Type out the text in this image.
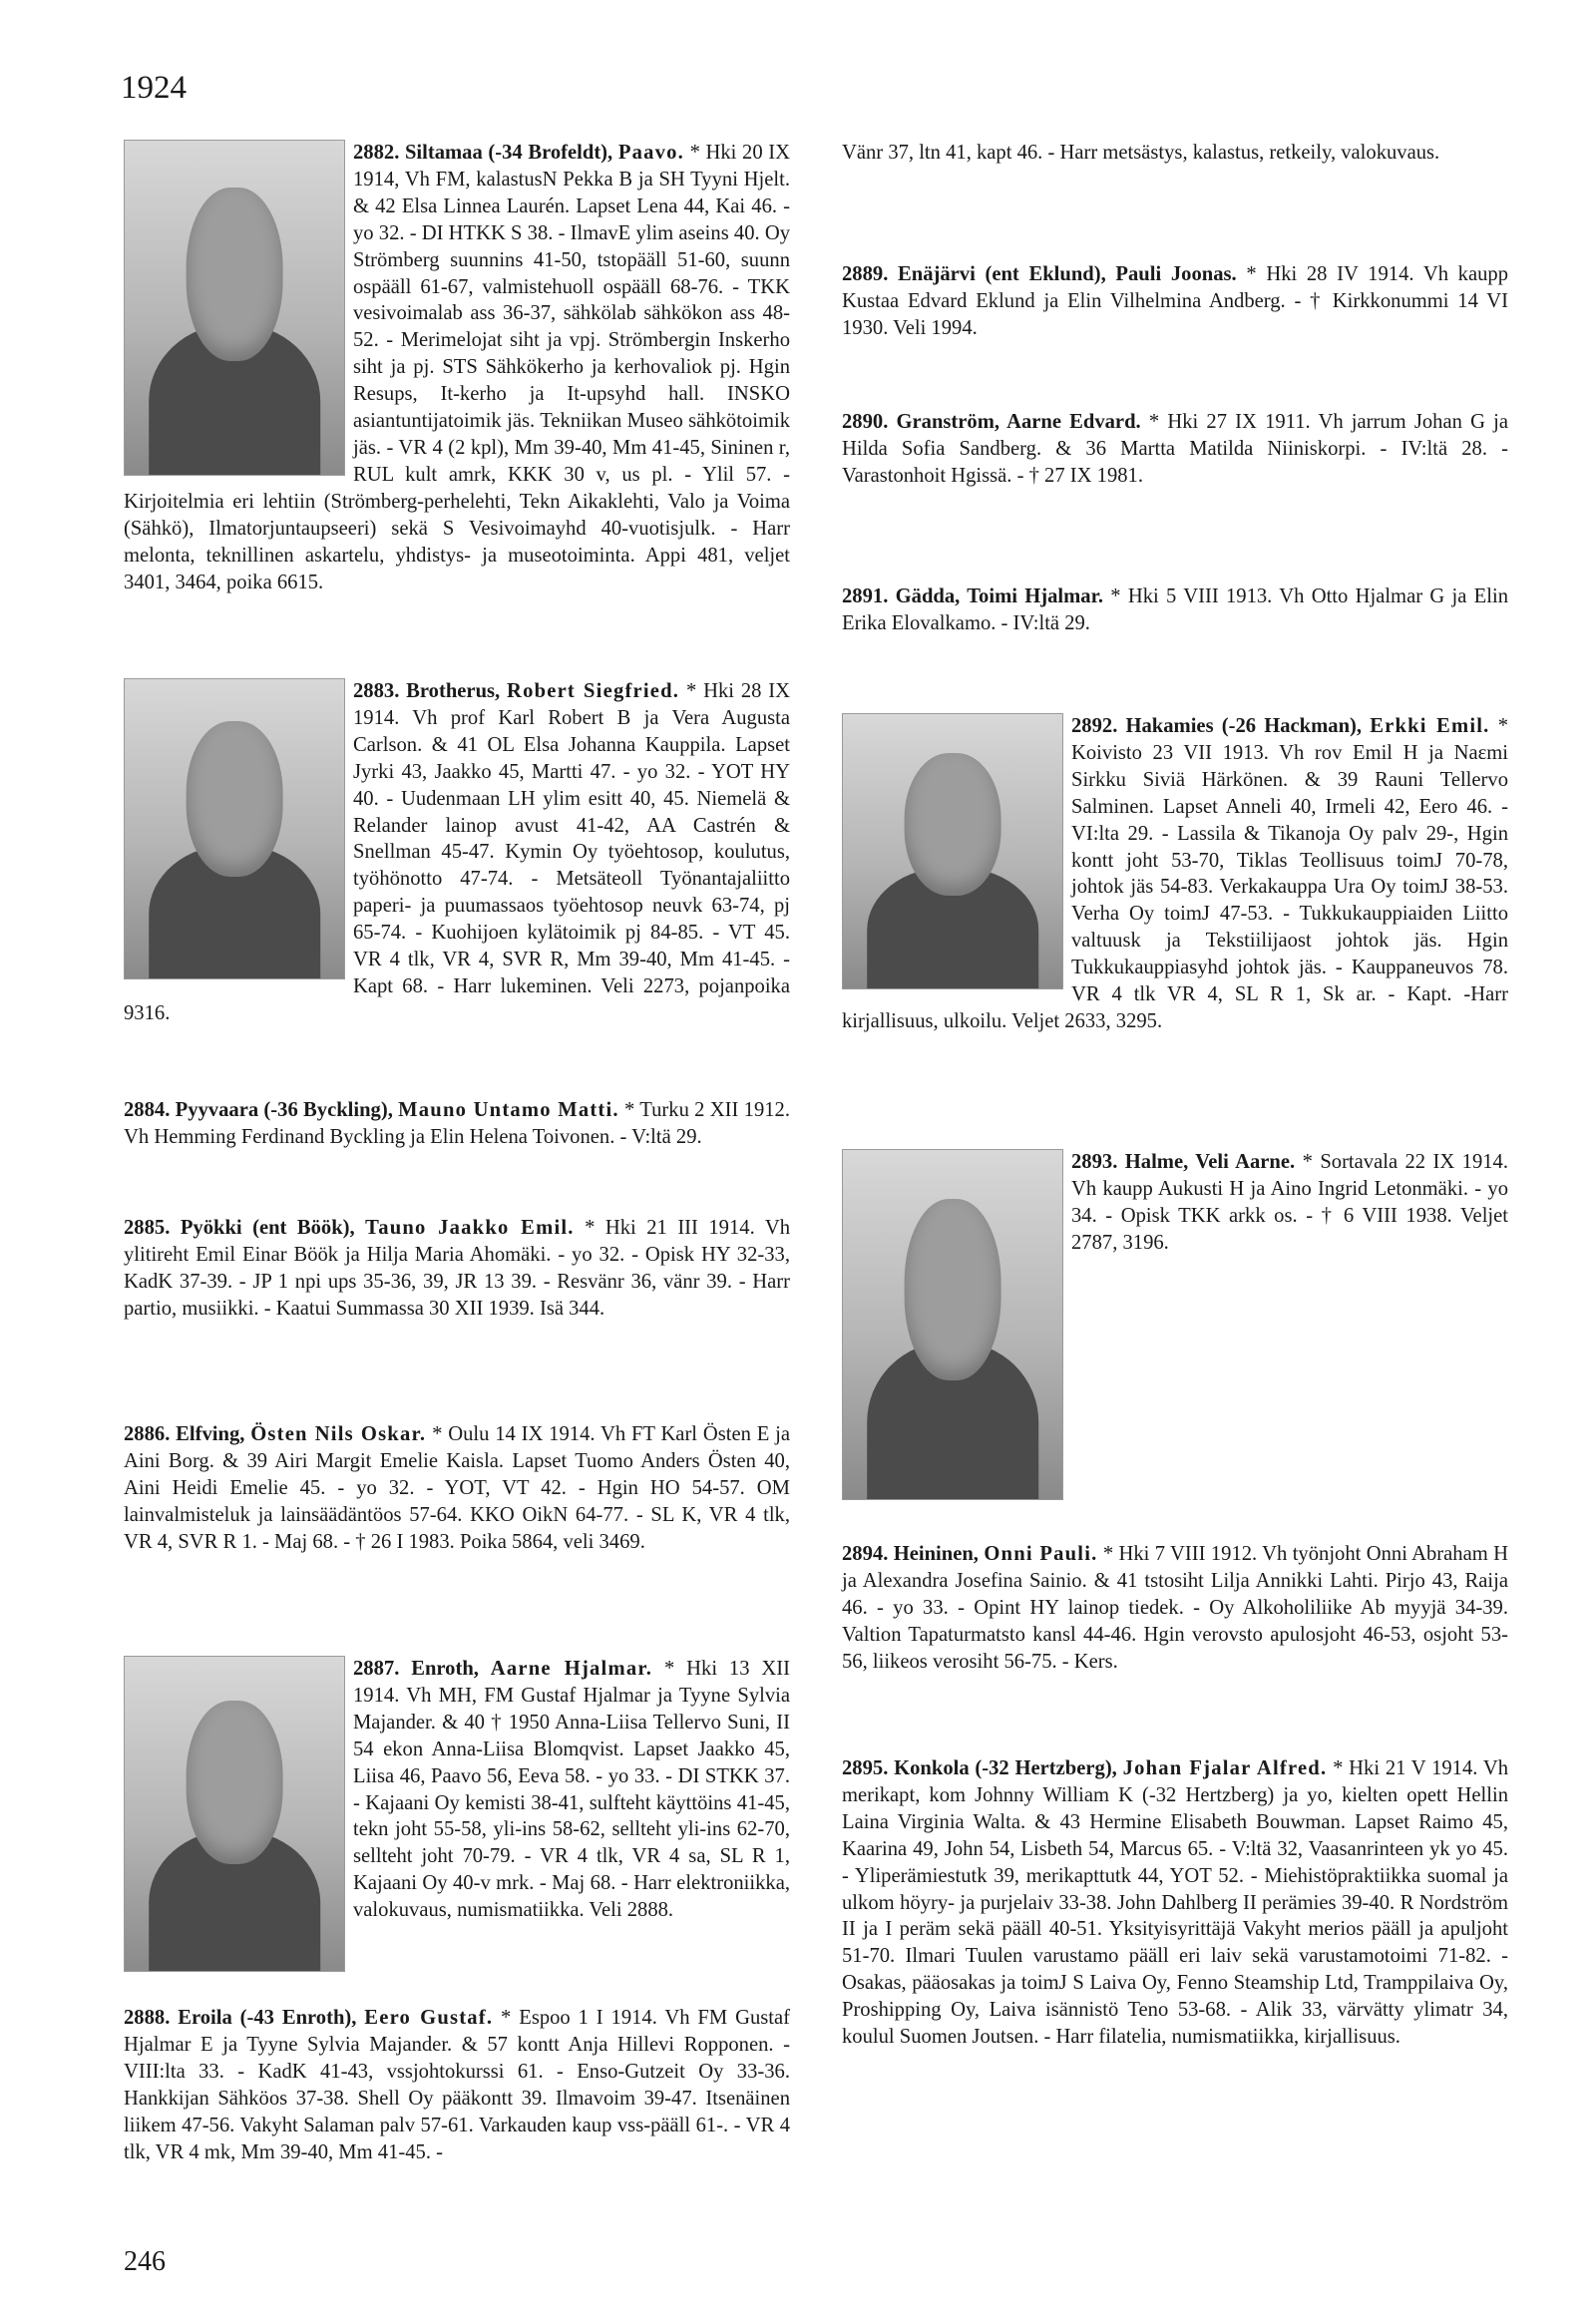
1924
2882. Siltamaa (-34 Brofeldt), Paavo. * Hki 20 IX 1914, Vh FM, kalastusN Pekka B ja SH Tyyni Hjelt. & 42 Elsa Linnea Laurén. Lapset Lena 44, Kai 46. - yo 32. - DI HTKK S 38. - IlmavE ylim aseins 40. Oy Strömberg suunnins 41-50, tstopääll 51-60, suunn ospääll 61-67, valmistehuoll ospääll 68-76. - TKK vesivoimalab ass 36-37, sähkölab sähkökon ass 48-52. - Merimelojat siht ja vpj. Strömbergin Inskerho siht ja pj. STS Sähkökerho ja kerhovaliok pj. Hgin Resups, It-kerho ja It-upsyhd hall. INSKO asiantuntijatoimik jäs. Tekniikan Museo sähkötoimik jäs. - VR 4 (2 kpl), Mm 39-40, Mm 41-45, Sininen r, RUL kult amrk, KKK 30 v, us pl. - Ylil 57. - Kirjoitelmia eri lehtiin (Strömberg-perhelehti, Tekn Aikaklehti, Valo ja Voima (Sähkö), Ilmatorjuntaupseeri) sekä S Vesivoimayhd 40-vuotisjulk. - Harr melonta, teknillinen askartelu, yhdistys- ja museotoiminta. Appi 481, veljet 3401, 3464, poika 6615.
2883. Brotherus, Robert Siegfried. * Hki 28 IX 1914. Vh prof Karl Robert B ja Vera Augusta Carlson. & 41 OL Elsa Johanna Kauppila. Lapset Jyrki 43, Jaakko 45, Martti 47. - yo 32. - YOT HY 40. - Uudenmaan LH ylim esitt 40, 45. Niemelä & Relander lainop avust 41-42, AA Castrén & Snellman 45-47. Kymin Oy työehtosop, koulutus, työhönotto 47-74. - Metsäteoll Työnantajaliitto paperi- ja puumassaos työehtosop neuvk 63-74, pj 65-74. - Kuohijoen kylätoimik pj 84-85. - VT 45. VR 4 tlk, VR 4, SVR R, Mm 39-40, Mm 41-45. - Kapt 68. - Harr lukeminen. Veli 2273, pojanpoika 9316.
2884. Pyyvaara (-36 Byckling), Mauno Untamo Matti. * Turku 2 XII 1912. Vh Hemming Ferdinand Byckling ja Elin Helena Toivonen. - V:ltä 29.
2885. Pyökki (ent Böök), Tauno Jaakko Emil. * Hki 21 III 1914. Vh ylitireht Emil Einar Böök ja Hilja Maria Ahomäki. - yo 32. - Opisk HY 32-33, KadK 37-39. - JP 1 npi ups 35-36, 39, JR 13 39. - Resvänr 36, vänr 39. - Harr partio, musiikki. - Kaatui Summassa 30 XII 1939. Isä 344.
2886. Elfving, Östen Nils Oskar. * Oulu 14 IX 1914. Vh FT Karl Östen E ja Aini Borg. & 39 Airi Margit Emelie Kaisla. Lapset Tuomo Anders Östen 40, Aini Heidi Emelie 45. - yo 32. - YOT, VT 42. - Hgin HO 54-57. OM lainvalmisteluk ja lainsäädäntöos 57-64. KKO OikN 64-77. - SL K, VR 4 tlk, VR 4, SVR R 1. - Maj 68. - † 26 I 1983. Poika 5864, veli 3469.
2887. Enroth, Aarne Hjalmar. * Hki 13 XII 1914. Vh MH, FM Gustaf Hjalmar ja Tyyne Sylvia Majander. & 40 † 1950 Anna-Liisa Tellervo Suni, II 54 ekon Anna-Liisa Blomqvist. Lapset Jaakko 45, Liisa 46, Paavo 56, Eeva 58. - yo 33. - DI STKK 37. - Kajaani Oy kemisti 38-41, sulfteht käyttöins 41-45, tekn joht 55-58, yli-ins 58-62, sellteht yli-ins 62-70, sellteht joht 70-79. - VR 4 tlk, VR 4 sa, SL R 1, Kajaani Oy 40-v mrk. - Maj 68. - Harr elektroniikka, valokuvaus, numismatiikka. Veli 2888.
2888. Eroila (-43 Enroth), Eero Gustaf. * Espoo 1 I 1914. Vh FM Gustaf Hjalmar E ja Tyyne Sylvia Majander. & 57 kontt Anja Hillevi Ropponen. - VIII:lta 33. - KadK 41-43, vssjohtokurssi 61. - Enso-Gutzeit Oy 33-36. Hankkijan Sähköos 37-38. Shell Oy pääkontt 39. Ilmavoim 39-47. Itsenäinen liikem 47-56. Vakyht Salaman palv 57-61. Varkauden kaup vss-pääll 61-. - VR 4 tlk, VR 4 mk, Mm 39-40, Mm 41-45. -
Vänr 37, ltn 41, kapt 46. - Harr metsästys, kalastus, retkeily, valokuvaus.
2889. Enäjärvi (ent Eklund), Pauli Joonas. * Hki 28 IV 1914. Vh kaupp Kustaa Edvard Eklund ja Elin Vilhelmina Andberg. - † Kirkkonummi 14 VI 1930. Veli 1994.
2890. Granström, Aarne Edvard. * Hki 27 IX 1911. Vh jarrum Johan G ja Hilda Sofia Sandberg. & 36 Martta Matilda Niiniskorpi. - IV:ltä 28. - Varastonhoit Hgissä. - † 27 IX 1981.
2891. Gädda, Toimi Hjalmar. * Hki 5 VIII 1913. Vh Otto Hjalmar G ja Elin Erika Elovalkamo. - IV:ltä 29.
2892. Hakamies (-26 Hackman), Erkki Emil. * Koivisto 23 VII 1913. Vh rov Emil H ja Naɛmi Sirkku Siviä Härkönen. & 39 Rauni Tellervo Salminen. Lapset Anneli 40, Irmeli 42, Eero 46. - VI:lta 29. - Lassila & Tikanoja Oy palv 29-, Hgin kontt joht 53-70, Tiklas Teollisuus toimJ 70-78, johtok jäs 54-83. Verkakauppa Ura Oy toimJ 38-53. Verha Oy toimJ 47-53. - Tukkukauppiaiden Liitto valtuusk ja Tekstiilijaost johtok jäs. Hgin Tukkukauppiasyhd johtok jäs. - Kauppaneuvos 78. VR 4 tlk VR 4, SL R 1, Sk ar. - Kapt. -Harr kirjallisuus, ulkoilu. Veljet 2633, 3295.
2893. Halme, Veli Aarne. * Sortavala 22 IX 1914. Vh kaupp Aukusti H ja Aino Ingrid Letonmäki. - yo 34. - Opisk TKK arkk os. - † 6 VIII 1938. Veljet 2787, 3196.
2894. Heininen, Onni Pauli. * Hki 7 VIII 1912. Vh työnjoht Onni Abraham H ja Alexandra Josefina Sainio. & 41 tstosiht Lilja Annikki Lahti. Pirjo 43, Raija 46. - yo 33. - Opint HY lainop tiedek. - Oy Alkoholiliike Ab myyjä 34-39. Valtion Tapaturmatsto kansl 44-46. Hgin verovsto apulosjoht 46-53, osjoht 53-56, liikeos verosiht 56-75. - Kers.
2895. Konkola (-32 Hertzberg), Johan Fjalar Alfred. * Hki 21 V 1914. Vh merikapt, kom Johnny William K (-32 Hertzberg) ja yo, kielten opett Hellin Laina Virginia Walta. & 43 Hermine Elisabeth Bouwman. Lapset Raimo 45, Kaarina 49, John 54, Lisbeth 54, Marcus 65. - V:ltä 32, Vaasanrinteen yk yo 45. - Yliperämiestutk 39, merikapttutk 44, YOT 52. - Miehistöpraktiikka suomal ja ulkom höyry- ja purjelaiv 33-38. John Dahlberg II perämies 39-40. R Nordström II ja I peräm sekä pääll 40-51. Yksityisyrittäjä Vakyht merios pääll ja apuljoht 51-70. Ilmari Tuulen varustamo pääll eri laiv sekä varustamotoimi 71-82. - Osakas, pääosakas ja toimJ S Laiva Oy, Fenno Steamship Ltd, Tramppilaiva Oy, Proshipping Oy, Laiva isännistö Teno 53-68. - Alik 33, värvätty ylimatr 34, koulul Suomen Joutsen. - Harr filatelia, numismatiikka, kirjallisuus.
246
